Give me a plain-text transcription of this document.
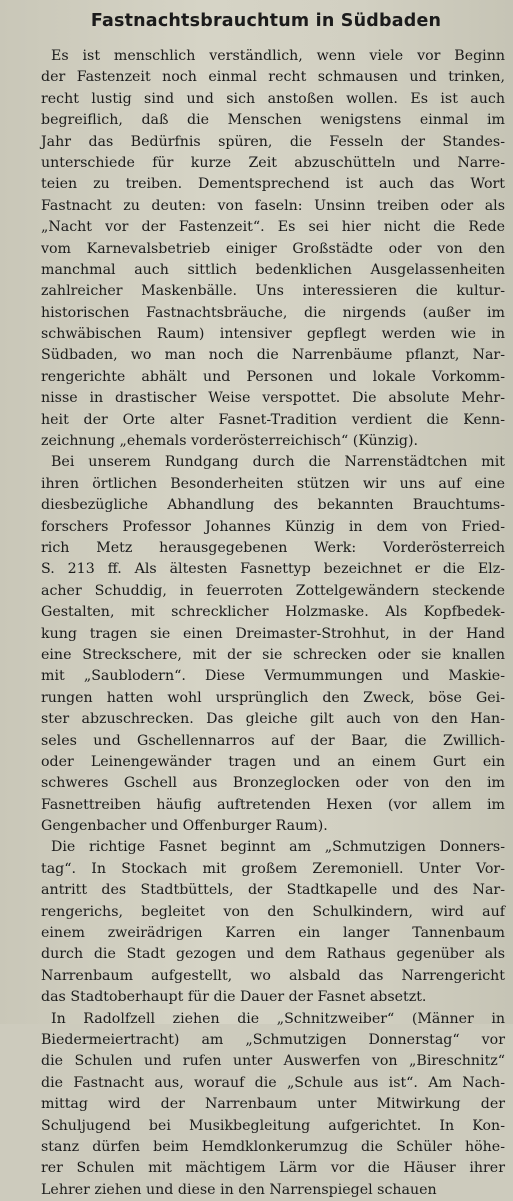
Fastnachtsbrauchtum in Südbaden
Es ist menschlich verständlich, wenn viele vor Beginn
der Fastenzeit noch einmal recht schmausen und trinken,
recht lustig sind und sich anstoßen wollen. Es ist auch
begreiflich, daß die Menschen wenigstens einmal im
Jahr das Bedürfnis spüren, die Fesseln der Standes-
unterschiede für kurze Zeit abzuschütteln und Narre-
teien zu treiben. Dementsprechend ist auch das Wort
Fastnacht zu deuten: von faseln: Unsinn treiben oder als
„Nacht vor der Fastenzeit“. Es sei hier nicht die Rede
vom Karnevalsbetrieb einiger Großstädte oder von den
manchmal auch sittlich bedenklichen Ausgelassenheiten
zahlreicher Maskenbälle. Uns interessieren die kultur-
historischen Fastnachtsbräuche, die nirgends (außer im
schwäbischen Raum) intensiver gepflegt werden wie in
Südbaden, wo man noch die Narrenbäume pflanzt, Nar-
rengerichte abhält und Personen und lokale Vorkomm-
nisse in drastischer Weise verspottet. Die absolute Mehr-
heit der Orte alter Fasnet-Tradition verdient die Kenn-
zeichnung „ehemals vorderösterreichisch“ (Künzig).
Bei unserem Rundgang durch die Narrenstädtchen mit
ihren örtlichen Besonderheiten stützen wir uns auf eine
diesbezügliche Abhandlung des bekannten Brauchtums-
forschers Professor Johannes Künzig in dem von Fried-
rich Metz herausgegebenen Werk: Vorderösterreich
S. 213 ff. Als ältesten Fasnettyp bezeichnet er die Elz-
acher Schuddig, in feuerroten Zottelgewändern steckende
Gestalten, mit schrecklicher Holzmaske. Als Kopfbedek-
kung tragen sie einen Dreimaster-Strohhut, in der Hand
eine Streckschere, mit der sie schrecken oder sie knallen
mit „Saublodern“. Diese Vermummungen und Maskie-
rungen hatten wohl ursprünglich den Zweck, böse Gei-
ster abzuschrecken. Das gleiche gilt auch von den Han-
seles und Gschellennarros auf der Baar, die Zwillich-
oder Leinengewänder tragen und an einem Gurt ein
schweres Gschell aus Bronzeglocken oder von den im
Fasnettreiben häufig auftretenden Hexen (vor allem im
Gengenbacher und Offenburger Raum).
Die richtige Fasnet beginnt am „Schmutzigen Donners-
tag“. In Stockach mit großem Zeremoniell. Unter Vor-
antritt des Stadtbüttels, der Stadtkapelle und des Nar-
rengerichs, begleitet von den Schulkindern, wird auf
einem zweirädrigen Karren ein langer Tannenbaum
durch die Stadt gezogen und dem Rathaus gegenüber als
Narrenbaum aufgestellt, wo alsbald das Narrengericht
das Stadtoberhaupt für die Dauer der Fasnet absetzt.
In Radolfzell ziehen die „Schnitzweiber“ (Männer in
Biedermeiertracht) am „Schmutzigen Donnerstag“ vor
die Schulen und rufen unter Auswerfen von „Bireschnitz“
die Fastnacht aus, worauf die „Schule aus ist“. Am Nach-
mittag wird der Narrenbaum unter Mitwirkung der
Schuljugend bei Musikbegleitung aufgerichtet. In Kon-
stanz dürfen beim Hemdklonkerumzug die Schüler höhe-
rer Schulen mit mächtigem Lärm vor die Häuser ihrer
Lehrer ziehen und diese in den Narrenspiegel schauen
